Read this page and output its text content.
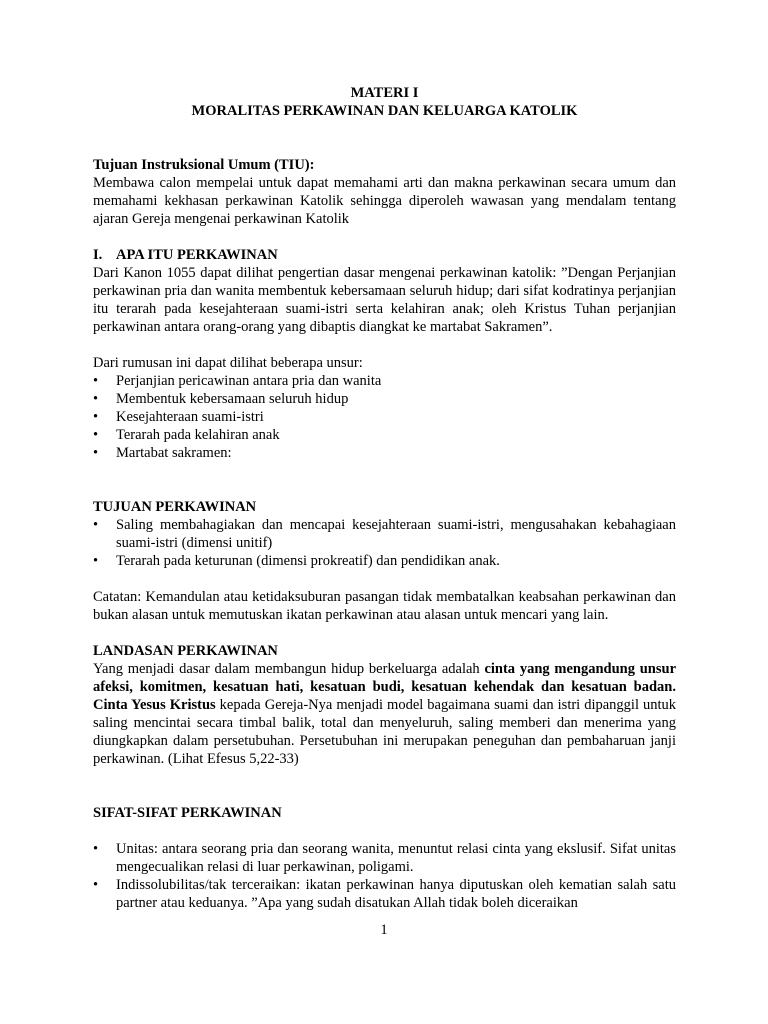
MATERI I

MORALITAS PERKAWINAN DAN KELUARGA KATOLIK

Tujuan Instruksional Umum (TIU):

Membawa calon mempelai untuk dapat memahami arti dan makna perkawinan secara umum dan memahami kekhasan perkawinan Katolik sehingga diperoleh wawasan yang mendalam tentang ajaran Gereja mengenai perkawinan Katolik

I. APA ITU PERKAWINAN

Dari Kanon 1055 dapat dilihat pengertian dasar mengenai perkawinan katolik: ”Dengan Perjanjian perkawinan pria dan wanita membentuk kebersamaan seluruh hidup; dari sifat kodratinya perjanjian itu terarah pada kesejahteraan suami-istri serta kelahiran anak; oleh Kristus Tuhan perjanjian perkawinan antara orang-orang yang dibaptis diangkat ke martabat Sakramen”.

Dari rumusan ini dapat dilihat beberapa unsur:

•	Perjanjian pericawinan antara pria dan wanita
•	Membentuk kebersamaan seluruh hidup
•	Kesejahteraan suami-istri
•	Terarah pada kelahiran anak
•	Martabat sakramen:

TUJUAN PERKAWINAN

•	Saling membahagiakan dan mencapai kesejahteraan suami-istri, mengusahakan kebahagiaan suami-istri (dimensi unitif)
•	Terarah pada keturunan (dimensi prokreatif) dan pendidikan anak.

Catatan: Kemandulan atau ketidaksuburan pasangan tidak membatalkan keabsahan perkawinan dan bukan alasan untuk memutuskan ikatan perkawinan atau alasan untuk mencari yang lain.

LANDASAN PERKAWINAN

Yang menjadi dasar dalam membangun hidup berkeluarga adalah cinta yang mengandung unsur afeksi, komitmen, kesatuan hati, kesatuan budi, kesatuan kehendak dan kesatuan badan. Cinta Yesus Kristus kepada Gereja-Nya menjadi model bagaimana suami dan istri dipanggil untuk saling mencintai secara timbal balik, total dan menyeluruh, saling memberi dan menerima yang diungkapkan dalam persetubuhan. Persetubuhan ini merupakan peneguhan dan pembaharuan janji perkawinan. (Lihat Efesus 5,22-33)

SIFAT-SIFAT PERKAWINAN

•	Unitas: antara seorang pria dan seorang wanita, menuntut relasi cinta yang ekslusif. Sifat unitas mengecualikan relasi di luar perkawinan, poligami.
•	Indissolubilitas/tak terceraikan: ikatan perkawinan hanya diputuskan oleh kematian salah satu partner atau keduanya. ”Apa yang sudah disatukan Allah tidak boleh diceraikan
1
